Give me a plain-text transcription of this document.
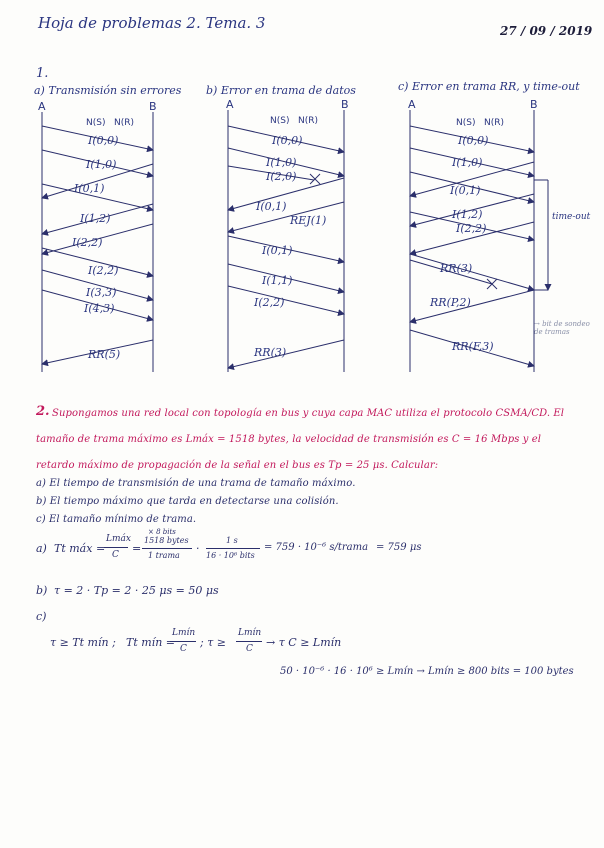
Hoja de problemas 2. Tema. 3	27 / 09 / 2019
1.
a) Transmisión sin errores b) Error en trama de datos	c) Error en trama RR, y time-out
A	B	A	B	A	B
N(S) N(R)	N(S) N(R)	N(S) N(R)
I(0,0)
I(1,0)
I(0,1)
I(1,2)
I(2,2)
I(2,2)
I(3,3)
I(4,3)
RR(5)
I(0,0)
I(1,0)
I(2,0)
I(0,1)
REJ(1)
I(0,1)
I(1,1)
I(2,2)
RR(3)
I(0,0)
I(1,0)
I(0,1)
I(1,2)
I(2,2)
RR(3)
RR(P,2)
RR(F,3)
time-out
→ bit de sondeo de tramas
2. Supongamos una red local con topología en bus y cuya capa MAC utiliza el protocolo CSMA/CD. El
tamaño de trama máximo es Lmáx = 1518 bytes, la velocidad de transmisión es C = 16 Mbps y el
retardo máximo de propagación de la señal en el bus es Tp = 25 μs. Calcular:
a) El tiempo de transmisión de una trama de tamaño máximo.
b) El tiempo máximo que tarda en detectarse una colisión.
c) El tamaño mínimo de trama.
a) Tt máx =
Lmáx
C =
× 8 bits
1518 bytes
1 trama
·
1 s
16 · 10⁶ bits
= 759 · 10⁻⁶ s/trama = 759 μs
b) τ = 2 · Tp = 2 · 25 μs = 50 μs
c)
τ ≥ Tt mín ; Tt mín =
Lmín
C ; τ ≥
Lmín
C → τ C ≥ Lmín
50 · 10⁻⁶ · 16 · 10⁶ ≥ Lmín → Lmín ≥ 800 bits = 100 bytes
